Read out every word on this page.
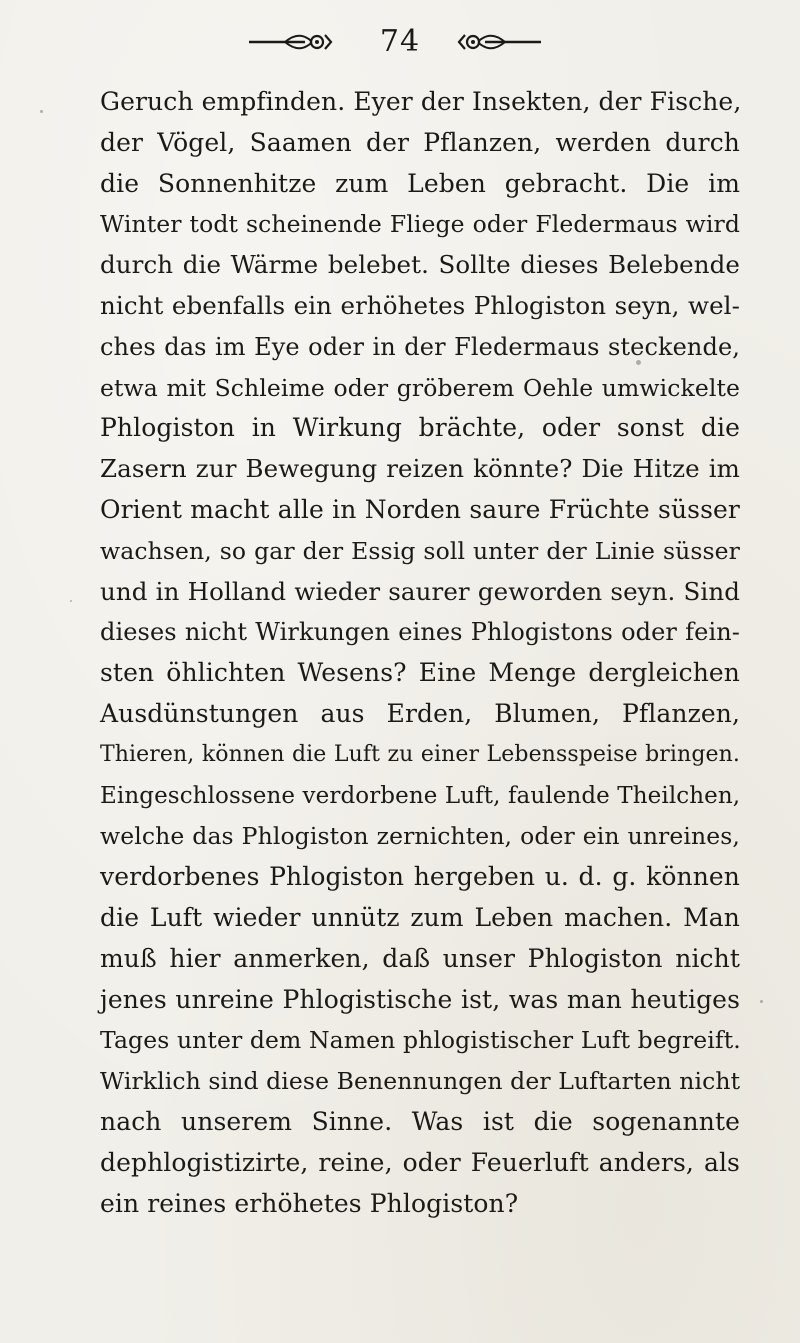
74
Geruch empfinden. Eyer der Insekten, der Fische,
der Vögel, Saamen der Pflanzen, werden durch
die Sonnenhitze zum Leben gebracht. Die im
Winter todt scheinende Fliege oder Fledermaus wird
durch die Wärme belebet. Sollte dieses Belebende
nicht ebenfalls ein erhöhetes Phlogiston seyn, wel-
ches das im Eye oder in der Fledermaus steckende,
etwa mit Schleime oder gröberem Oehle umwickelte
Phlogiston in Wirkung brächte, oder sonst die
Zasern zur Bewegung reizen könnte? Die Hitze im
Orient macht alle in Norden saure Früchte süsser
wachsen, so gar der Essig soll unter der Linie süsser
und in Holland wieder saurer geworden seyn. Sind
dieses nicht Wirkungen eines Phlogistons oder fein-
sten öhlichten Wesens? Eine Menge dergleichen
Ausdünstungen aus Erden, Blumen, Pflanzen,
Thieren, können die Luft zu einer Lebensspeise bringen.
Eingeschlossene verdorbene Luft, faulende Theilchen,
welche das Phlogiston zernichten, oder ein unreines,
verdorbenes Phlogiston hergeben u. d. g. können
die Luft wieder unnütz zum Leben machen. Man
muß hier anmerken, daß unser Phlogiston nicht
jenes unreine Phlogistische ist, was man heutiges
Tages unter dem Namen phlogistischer Luft begreift.
Wirklich sind diese Benennungen der Luftarten nicht
nach unserem Sinne. Was ist die sogenannte
dephlogistizirte, reine, oder Feuerluft anders, als
ein reines erhöhetes Phlogiston?
